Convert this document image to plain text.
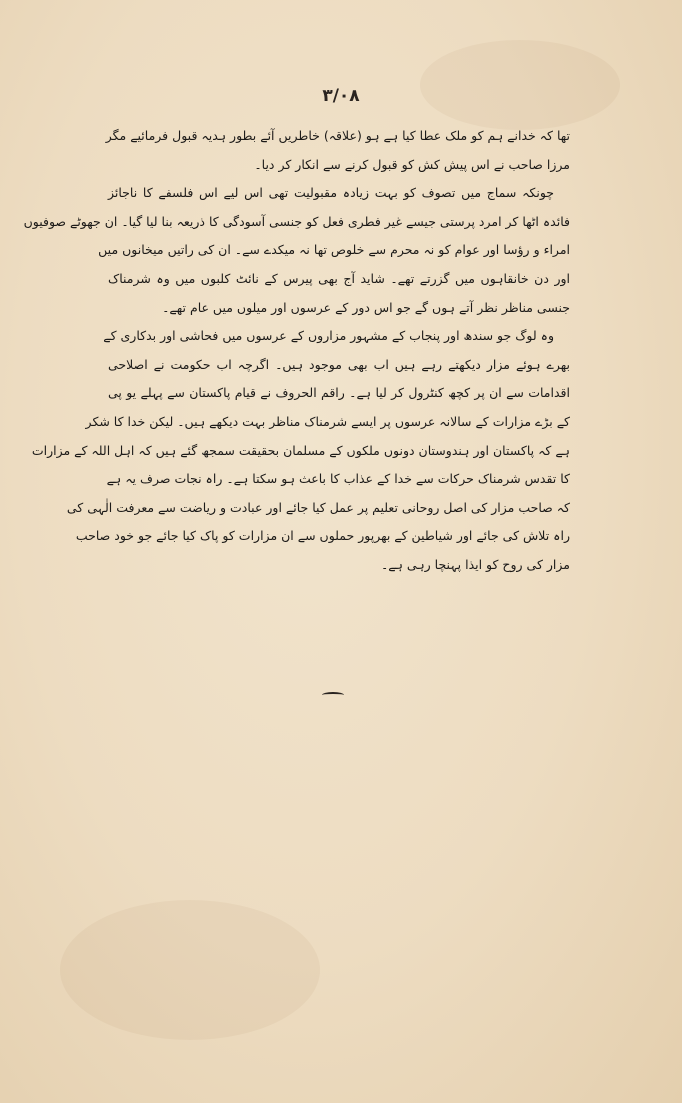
۳/۰۸
تھا کہ خدانے ہم کو ملک عطا کیا ہے ہو (علاقہ) خاطریں آئے بطور ہدیہ قبول فرمائیے مگر
مرزا صاحب نے اس پیش کش کو قبول کرنے سے انکار کر دیا۔
چونکہ سماج میں تصوف کو بہت زیادہ مقبولیت تھی اس لیے اس فلسفے کا ناجائز
فائدہ اٹھا کر امرد پرستی جیسے غیر فطری فعل کو جنسی آسودگی کا ذریعہ بنا لیا گیا۔ ان جھوٹے صوفیوں
امراء و رؤسا اور عوام کو نہ محرم سے خلوص تھا نہ میکدے سے۔ ان کی راتیں میخانوں میں
اور دن خانقاہوں میں گزرتے تھے۔ شاید آج بھی پیرس کے نائٹ کلبوں میں وہ شرمناک
جنسی مناظر نظر آتے ہوں گے جو اس دور کے عرسوں اور میلوں میں عام تھے۔
وہ لوگ جو سندھ اور پنجاب کے مشہور مزاروں کے عرسوں میں فحاشی اور بدکاری کے
بھرے ہوئے مزار دیکھتے رہے ہیں اب بھی موجود ہیں۔ اگرچہ اب حکومت نے اصلاحی
اقدامات سے ان پر کچھ کنٹرول کر لیا ہے۔ راقم الحروف نے قیام پاکستان سے پہلے یو پی
کے بڑے مزارات کے سالانہ عرسوں پر ایسے شرمناک مناظر بہت دیکھے ہیں۔ لیکن خدا کا شکر
ہے کہ پاکستان اور ہندوستان دونوں ملکوں کے مسلمان بحقیقت سمجھ گئے ہیں کہ اہل اللہ کے مزارات
کا تقدس شرمناک حرکات سے خدا کے عذاب کا باعث ہو سکتا ہے۔ راہ نجات صرف یہ ہے
کہ صاحب مزار کی اصل روحانی تعلیم پر عمل کیا جائے اور عبادت و ریاضت سے معرفت الٰہی کی
راہ تلاش کی جائے اور شیاطین کے بھرپور حملوں سے ان مزارات کو پاک کیا جائے جو خود صاحب
مزار کی روح کو ایذا پہنچا رہی ہے۔
